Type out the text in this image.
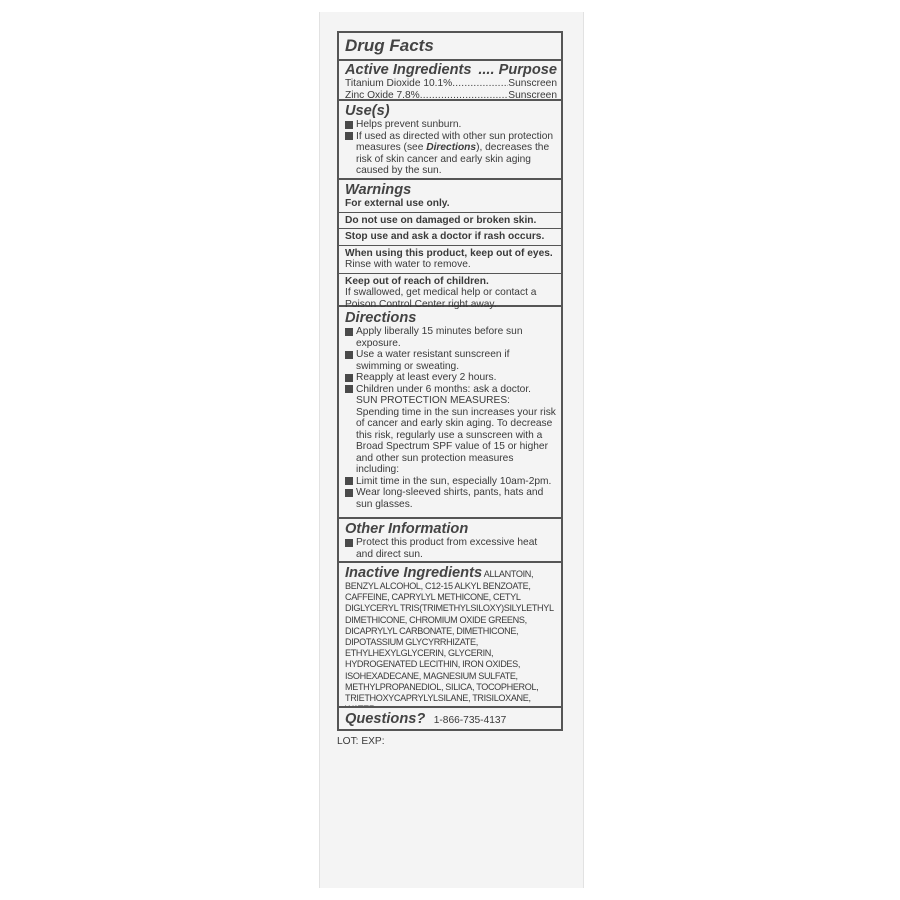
Drug Facts
Active Ingredients .... Purpose
Titanium Dioxide 10.1% .....	Sunscreen
Zinc Oxide 7.8% .....	Sunscreen
Use(s)
Helps prevent sunburn.
If used as directed with other sun protection measures (see Directions), decreases the risk of skin cancer and early skin aging caused by the sun.
Warnings
For external use only.
Do not use on damaged or broken skin.
Stop use and ask a doctor if rash occurs.
When using this product, keep out of eyes.
Rinse with water to remove.
Keep out of reach of children.
If swallowed, get medical help or contact a Poison Control Center right away.
Directions
Apply liberally 15 minutes before sun exposure.
Use a water resistant sunscreen if swimming or sweating.
Reapply at least every 2 hours.
Children under 6 months: ask a doctor.
SUN PROTECTION MEASURES:
Spending time in the sun increases your risk of cancer and early skin aging. To decrease this risk, regularly use a sunscreen with a Broad Spectrum SPF value of 15 or higher and other sun protection measures including:
Limit time in the sun, especially 10am-2pm.
Wear long-sleeved shirts, pants, hats and sun glasses.
Other Information
Protect this product from excessive heat and direct sun.
Inactive Ingredients ALLANTOIN, BENZYL ALCOHOL, C12-15 ALKYL BENZOATE, CAFFEINE, CAPRYLYL METHICONE, CETYL DIGLYCERYL TRIS(TRIMETHYLSILOXY)SILYLETHYL DIMETHICONE, CHROMIUM OXIDE GREENS, DICAPRYLYL CARBONATE, DIMETHICONE, DIPOTASSIUM GLYCYRRHIZATE, ETHYLHEXYLGLYCERIN, GLYCERIN, HYDROGENATED LECITHIN, IRON OXIDES, ISOHEXADECANE, MAGNESIUM SULFATE, METHYLPROPANEDIOL, SILICA, TOCOPHEROL, TRIETHOXYCAPRYLYLSILANE, TRISILOXANE,
Questions? 1-866-735-4137
LOT: EXP:
